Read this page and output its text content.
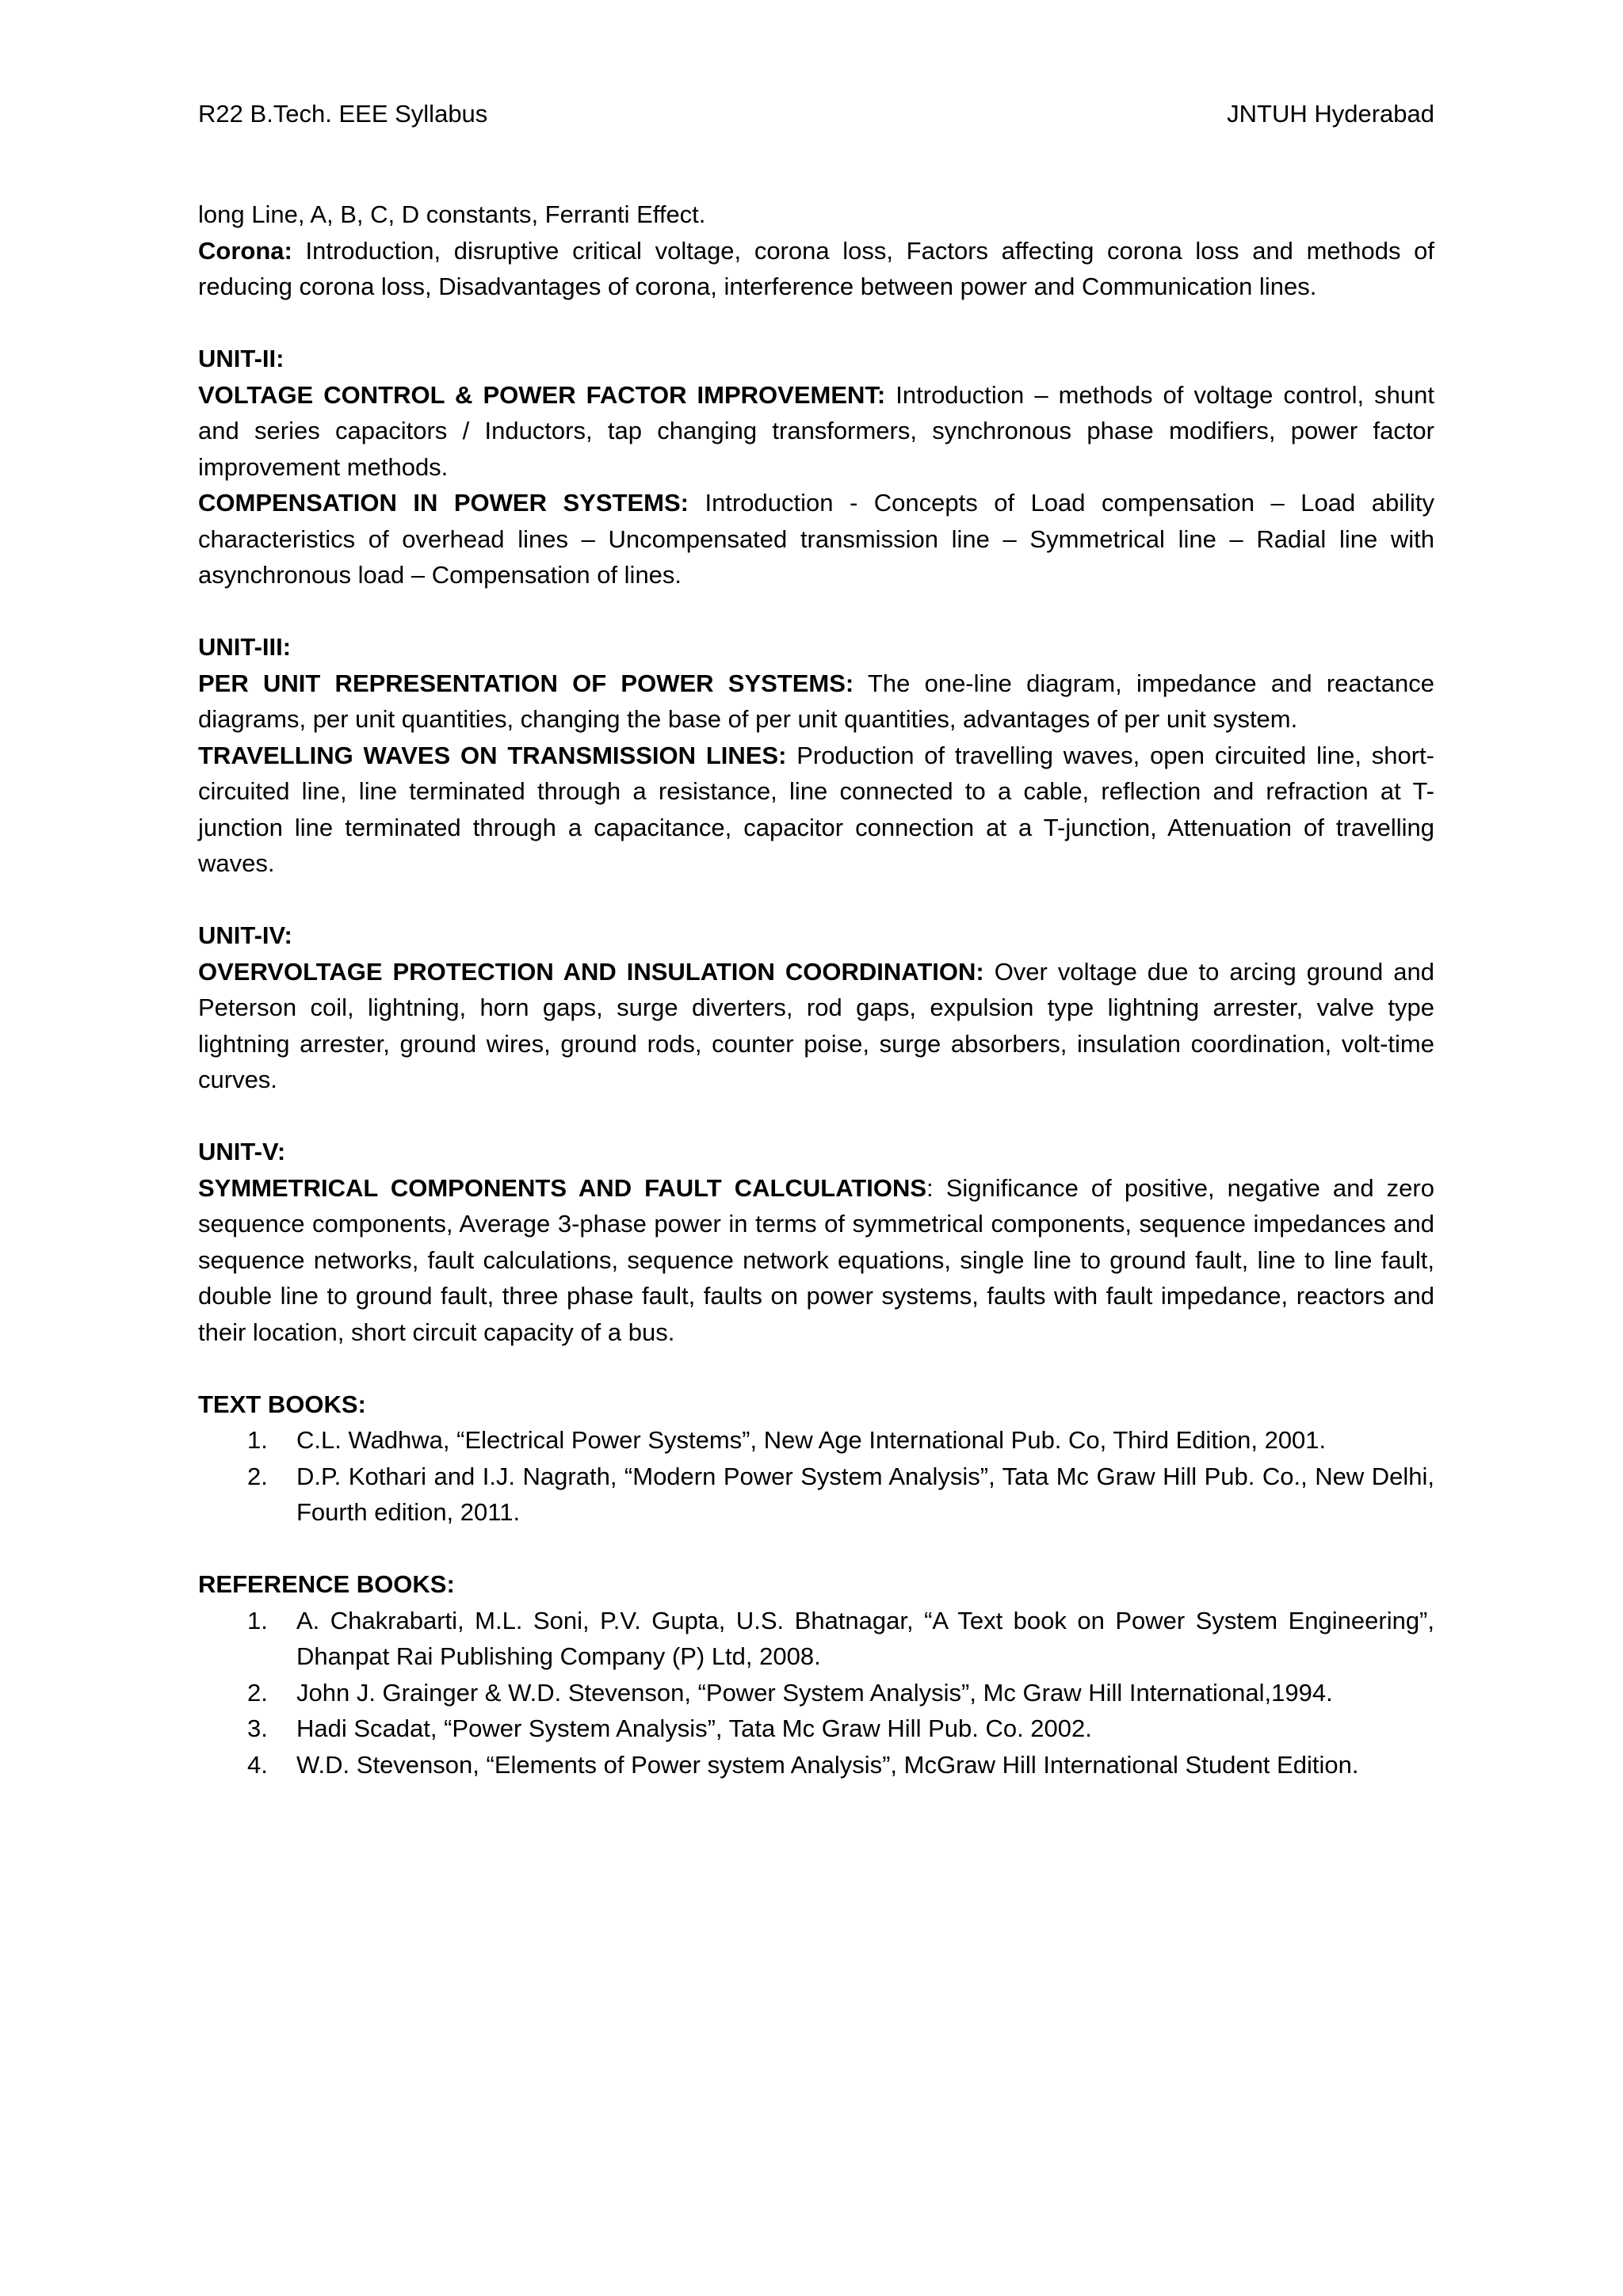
R22 B.Tech. EEE Syllabus	JNTUH Hyderabad

long Line, A, B, C, D constants, Ferranti Effect.

Corona: Introduction, disruptive critical voltage, corona loss, Factors affecting corona loss and methods of reducing corona loss, Disadvantages of corona, interference between power and Communication lines.

UNIT-II:

VOLTAGE CONTROL & POWER FACTOR IMPROVEMENT: Introduction – methods of voltage control, shunt and series capacitors / Inductors, tap changing transformers, synchronous phase modifiers, power factor improvement methods.

COMPENSATION IN POWER SYSTEMS: Introduction - Concepts of Load compensation – Load ability characteristics of overhead lines – Uncompensated transmission line – Symmetrical line – Radial line with asynchronous load – Compensation of lines.

UNIT-III:

PER UNIT REPRESENTATION OF POWER SYSTEMS: The one-line diagram, impedance and reactance diagrams, per unit quantities, changing the base of per unit quantities, advantages of per unit system.

TRAVELLING WAVES ON TRANSMISSION LINES: Production of travelling waves, open circuited line, short-circuited line, line terminated through a resistance, line connected to a cable, reflection and refraction at T-junction line terminated through a capacitance, capacitor connection at a T-junction, Attenuation of travelling waves.

UNIT-IV:

OVERVOLTAGE PROTECTION AND INSULATION COORDINATION: Over voltage due to arcing ground and Peterson coil, lightning, horn gaps, surge diverters, rod gaps, expulsion type lightning arrester, valve type lightning arrester, ground wires, ground rods, counter poise, surge absorbers, insulation coordination, volt-time curves.

UNIT-V:

SYMMETRICAL COMPONENTS AND FAULT CALCULATIONS: Significance of positive, negative and zero sequence components, Average 3-phase power in terms of symmetrical components, sequence impedances and sequence networks, fault calculations, sequence network equations, single line to ground fault, line to line fault, double line to ground fault, three phase fault, faults on power systems, faults with fault impedance, reactors and their location, short circuit capacity of a bus.

TEXT BOOKS:

1. C.L. Wadhwa, “Electrical Power Systems”, New Age International Pub. Co, Third Edition, 2001.
2. D.P. Kothari and I.J. Nagrath, “Modern Power System Analysis”, Tata Mc Graw Hill Pub. Co., New Delhi, Fourth edition, 2011.

REFERENCE BOOKS:

1. A. Chakrabarti, M.L. Soni, P.V. Gupta, U.S. Bhatnagar, “A Text book on Power System Engineering”, Dhanpat Rai Publishing Company (P) Ltd, 2008.
2. John J. Grainger & W.D. Stevenson, “Power System Analysis”, Mc Graw Hill International,1994.
3. Hadi Scadat, “Power System Analysis”, Tata Mc Graw Hill Pub. Co. 2002.
4. W.D. Stevenson, “Elements of Power system Analysis”, McGraw Hill International Student Edition.
